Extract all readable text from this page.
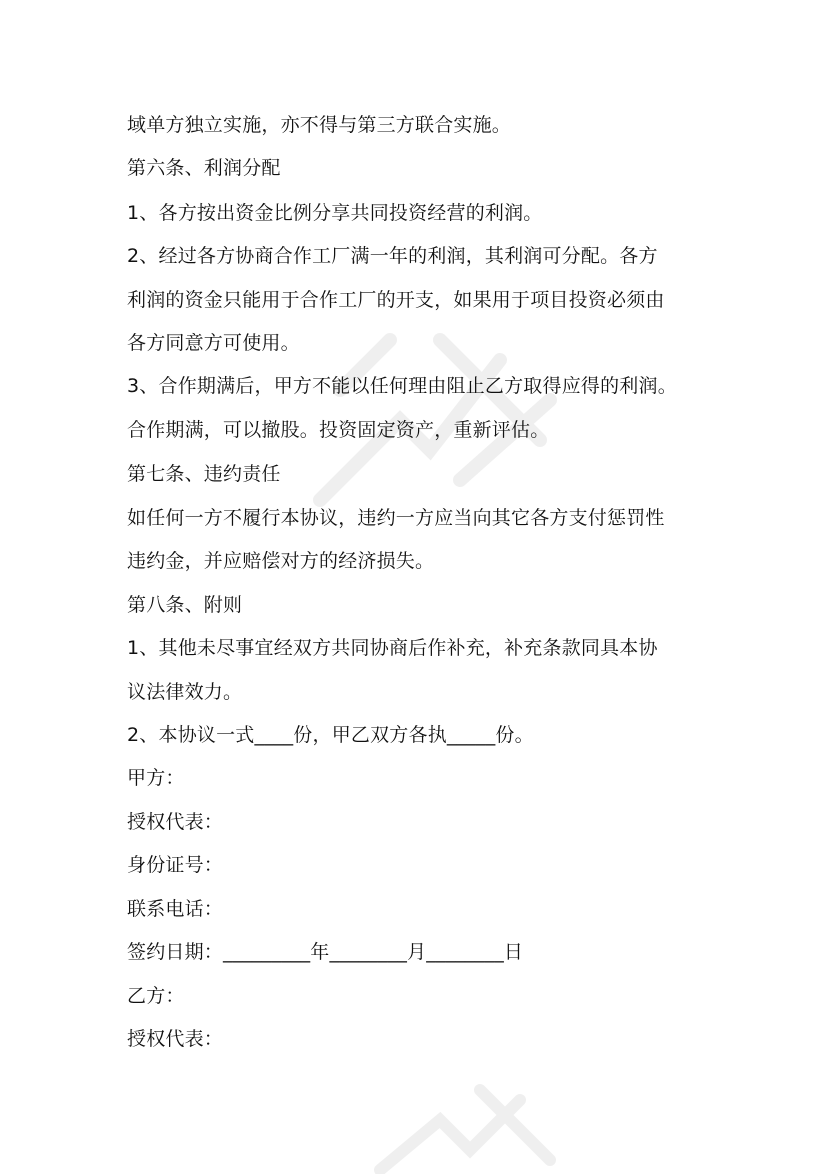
域单方独立实施，亦不得与第三方联合实施。
第六条、利润分配
1、各方按出资金比例分享共同投资经营的利润。
2、经过各方协商合作工厂满一年的利润，其利润可分配。各方
利润的资金只能用于合作工厂的开支，如果用于项目投资必须由
各方同意方可使用。
3、合作期满后，甲方不能以任何理由阻止乙方取得应得的利润。
合作期满，可以撤股。投资固定资产，重新评估。
第七条、违约责任
如任何一方不履行本协议，违约一方应当向其它各方支付惩罚性
违约金，并应赔偿对方的经济损失。
第八条、附则
1、其他未尽事宜经双方共同协商后作补充，补充条款同具本协
议法律效力。
2、本协议一式____份，甲乙双方各执_____份。
甲方：
授权代表：
身份证号：
联系电话：
签约日期：_________年________月________日
乙方：
授权代表：
